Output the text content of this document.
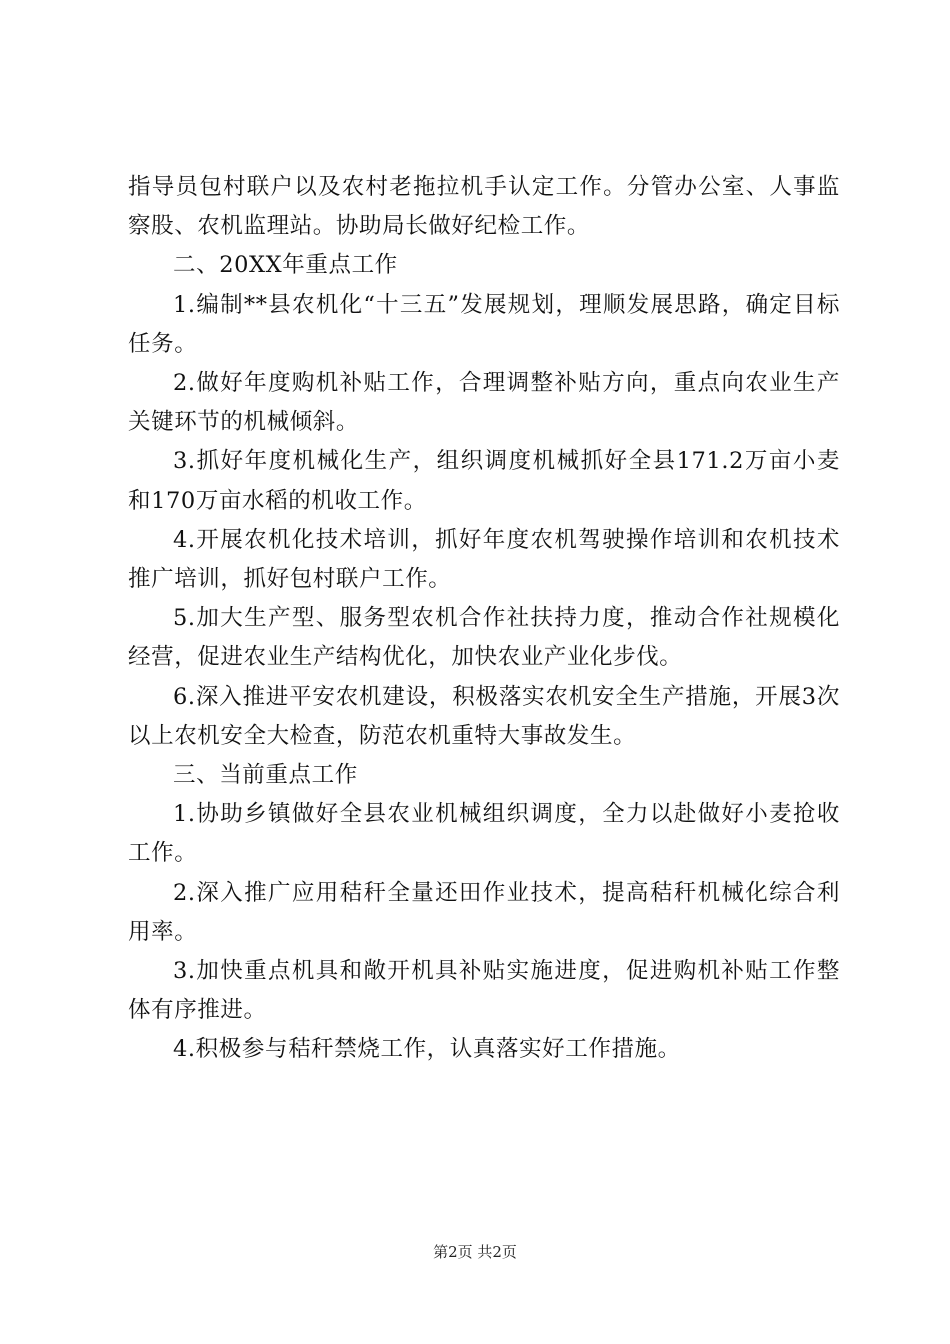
指导员包村联户以及农村老拖拉机手认定工作。分管办公室、人事监察股、农机监理站。协助局长做好纪检工作。

二、20XX年重点工作

1.编制**县农机化“十三五”发展规划，理顺发展思路，确定目标任务。

2.做好年度购机补贴工作，合理调整补贴方向，重点向农业生产关键环节的机械倾斜。

3.抓好年度机械化生产，组织调度机械抓好全县171.2万亩小麦和170万亩水稻的机收工作。

4.开展农机化技术培训，抓好年度农机驾驶操作培训和农机技术推广培训，抓好包村联户工作。

5.加大生产型、服务型农机合作社扶持力度，推动合作社规模化经营，促进农业生产结构优化，加快农业产业化步伐。

6.深入推进平安农机建设，积极落实农机安全生产措施，开展3次以上农机安全大检查，防范农机重特大事故发生。

三、当前重点工作

1.协助乡镇做好全县农业机械组织调度，全力以赴做好小麦抢收工作。

2.深入推广应用秸秆全量还田作业技术，提高秸秆机械化综合利用率。

3.加快重点机具和敞开机具补贴实施进度，促进购机补贴工作整体有序推进。

4.积极参与秸秆禁烧工作，认真落实好工作措施。

第2页 共2页
